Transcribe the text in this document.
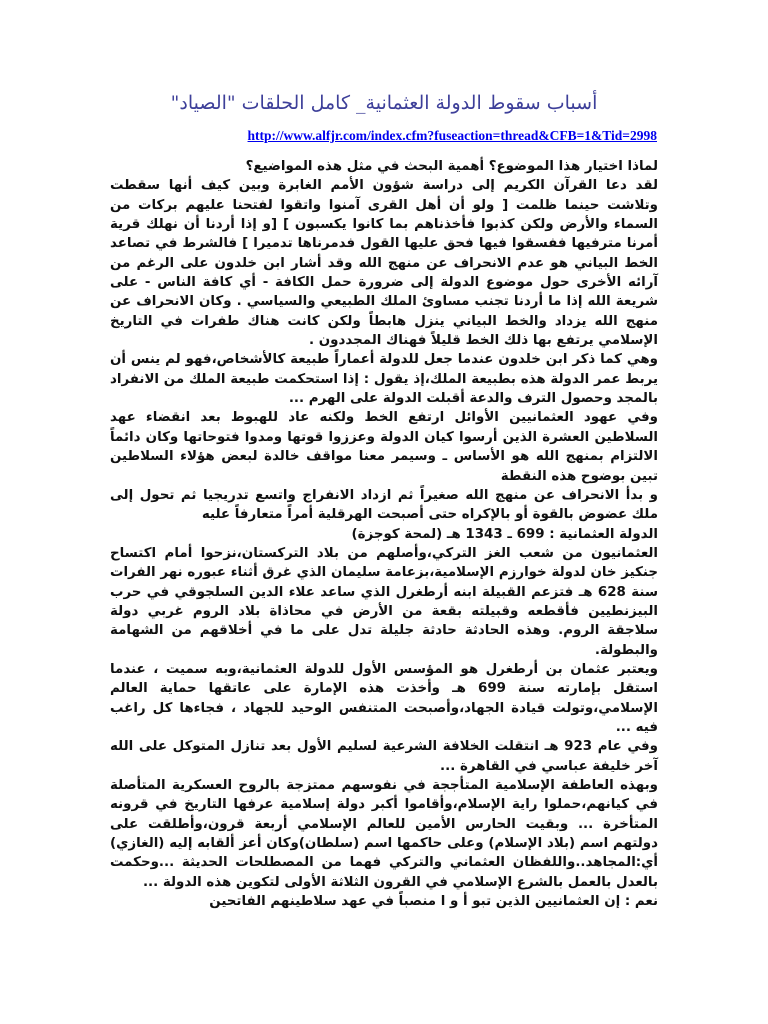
أسباب سقوط الدولة العثمانية_ كامل الحلقات "الصياد"
http://www.alfjr.com/index.cfm?fuseaction=thread&CFB=1&Tid=2998

لماذا اختيار هذا الموضوع؟ أهمية البحث في مثل هذه المواضيع؟

لقد دعا القرآن الكريم إلى دراسة شؤون الأمم الغابرة وبين كيف أنها سقطت وتلاشت حينما ظلمت [ ولو أن أهل القرى آمنوا واتقوا لفتحنا عليهم بركات من السماء والأرض ولكن كذبوا فأخذناهم بما كانوا يكسبون ] [و إذا أردنا أن نهلك قرية أمرنا مترفيها ففسقوا فيها فحق عليها القول فدمرناها تدميرا ] فالشرط في تصاعد الخط البياني هو عدم الانحراف عن منهج الله وقد أشار ابن خلدون على الرغم من آرائه الأخرى حول موضوع الدولة إلى ضرورة حمل الكافة - أي كافة الناس - على شريعة الله إذا ما أردنا تجنب مساوئ الملك الطبيعي والسياسي . وكان الانحراف عن منهج الله يزداد والخط البياني ينزل هابطاً ولكن كانت هناك طفرات في التاريخ الإسلامي يرتفع بها ذلك الخط قليلاً فهناك المجددون .

وهي كما ذكر ابن خلدون عندما جعل للدولة أعماراً طبيعة كالأشخاص،فهو لم ينس أن يربط عمر الدولة هذه بطبيعة الملك،إذ يقول : إذا استحكمت طبيعة الملك من الانفراد بالمجد وحصول الترف والدعة أقبلت الدولة على الهرم ...

وفي عهود العثمانيين الأوائل ارتفع الخط ولكنه عاد للهبوط بعد انقضاء عهد السلاطين العشرة الذين أرسوا كيان الدولة وعززوا قوتها ومدوا فتوحاتها وكان دائماً الالتزام بمنهج الله هو الأساس ـ وسيمر معنا مواقف خالدة لبعض هؤلاء السلاطين تبين بوضوح هذه النقطة

و بدأ الانحراف عن منهج الله صغيراً ثم ازداد الانفراج واتسع تدريجيا ثم تحول إلى ملك عضوض بالقوة أو بالإكراه حتى أصبحت الهرقلية أمراً متعارفاً عليه

الدولة العثمانية : 699 ـ 1343 هـ (لمحة كوجزة)

العثمانيون من شعب الغز التركي،وأصلهم من بلاد التركستان،نزحوا أمام اكتساح جنكيز خان لدولة خوارزم الإسلامية،بزعامة سليمان الذي غرق أثناء عبوره نهر الفرات سنة 628 هـ فتزعم القبيلة ابنه أرطغرل الذي ساعد علاء الدين السلجوقي في حرب البيزنطيين فأقطعه وقبيلته بقعة من الأرض في محاذاة بلاد الروم غربي دولة سلاجقة الروم. وهذه الحادثة حادثة جليلة تدل على ما في أخلاقهم من الشهامة والبطولة.

ويعتبر عثمان بن أرطغرل هو المؤسس الأول للدولة العثمانية،وبه سميت ، عندما استقل بإمارته سنة 699 هـ وأخذت هذه الإمارة على عاتقها حماية العالم الإسلامي،وتولت قيادة الجهاد،وأصبحت المتنفس الوحيد للجهاد ، فجاءها كل راغب فيه ...

وفي عام 923 هـ انتقلت الخلافة الشرعية لسليم الأول بعد تنازل المتوكل على الله آخر خليفة عباسي في القاهرة ...

وبهذه العاطفة الإسلامية المتأججة في نفوسهم ممتزجة بالروح العسكرية المتأصلة في كيانهم،حملوا راية الإسلام،وأقاموا أكبر دولة إسلامية عرفها التاريخ في قرونه المتأخرة ... وبقيت الحارس الأمين للعالم الإسلامي أربعة قرون،وأطلقت على دولتهم اسم (بلاد الإسلام) وعلى حاكمها اسم (سلطان)وكان أعز ألقابه إليه (الغازي) أي:المجاهد..واللفظان العثماني والتركي فهما من المصطلحات الحديثة ...وحكمت بالعدل بالعمل بالشرع الإسلامي في القرون الثلاثة الأولى لتكوين هذه الدولة ...

نعم : إن العثمانيين الذين تبو أ و ا منصباً في عهد سلاطينهم الفاتحين
